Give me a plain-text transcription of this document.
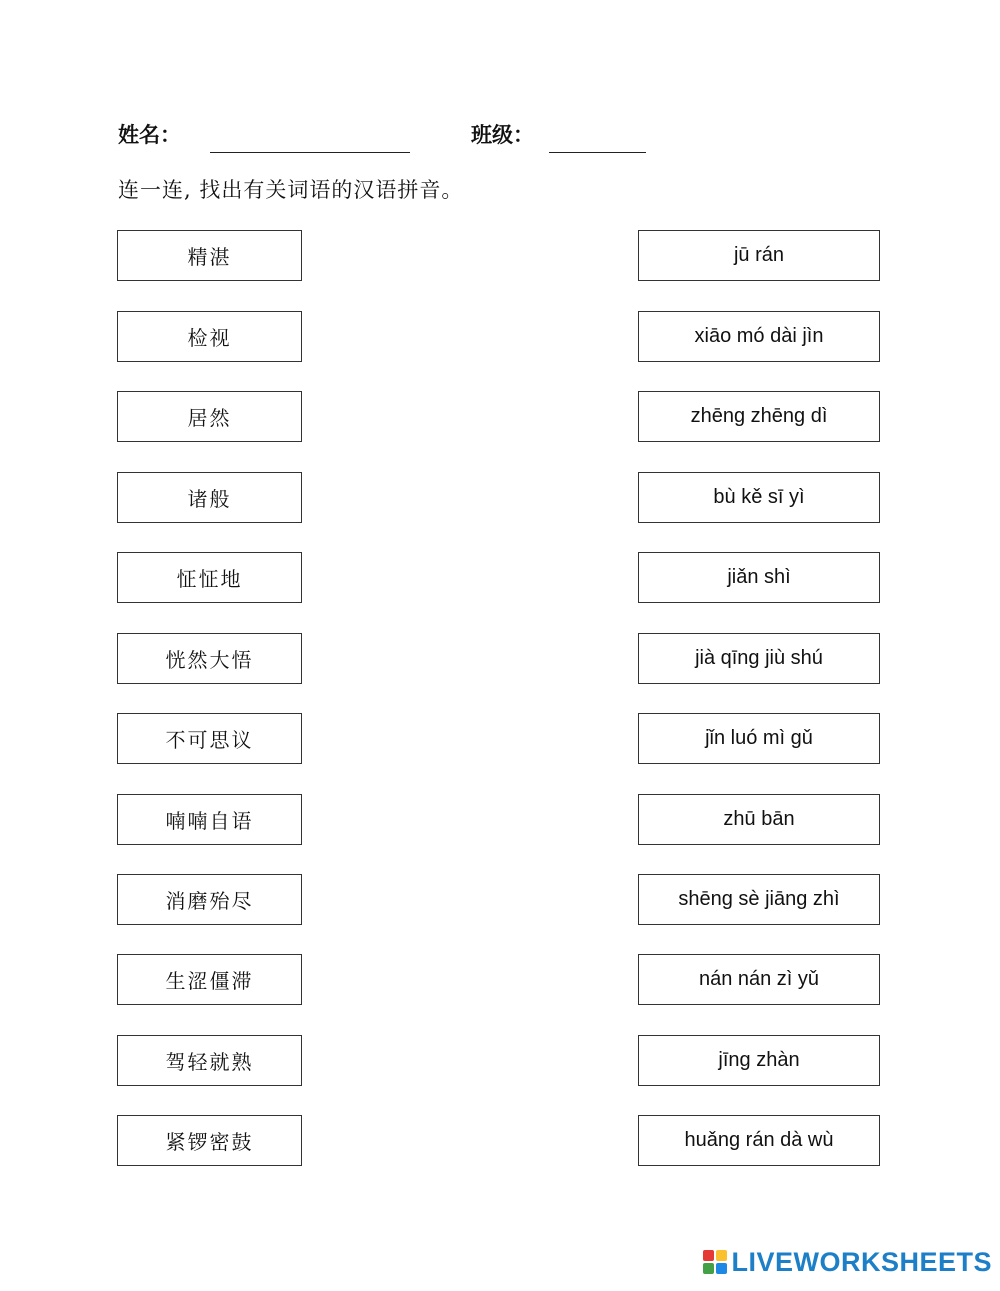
姓名：	班级：
连一连, 找出有关词语的汉语拼音。
精湛
检视
居然
诸般
怔怔地
恍然大悟
不可思议
喃喃自语
消磨殆尽
生涩僵滞
驾轻就熟
紧锣密鼓
jū rán
xiāo mó dài jìn
zhēng zhēng dì
bù kě sī yì
jiǎn shì
jià qīng jiù shú
jǐn luó mì gǔ
zhū bān
shēng sè jiāng zhì
nán nán zì yǔ
jīng zhàn
huǎng rán dà wù
LIVEWORKSHEETS
